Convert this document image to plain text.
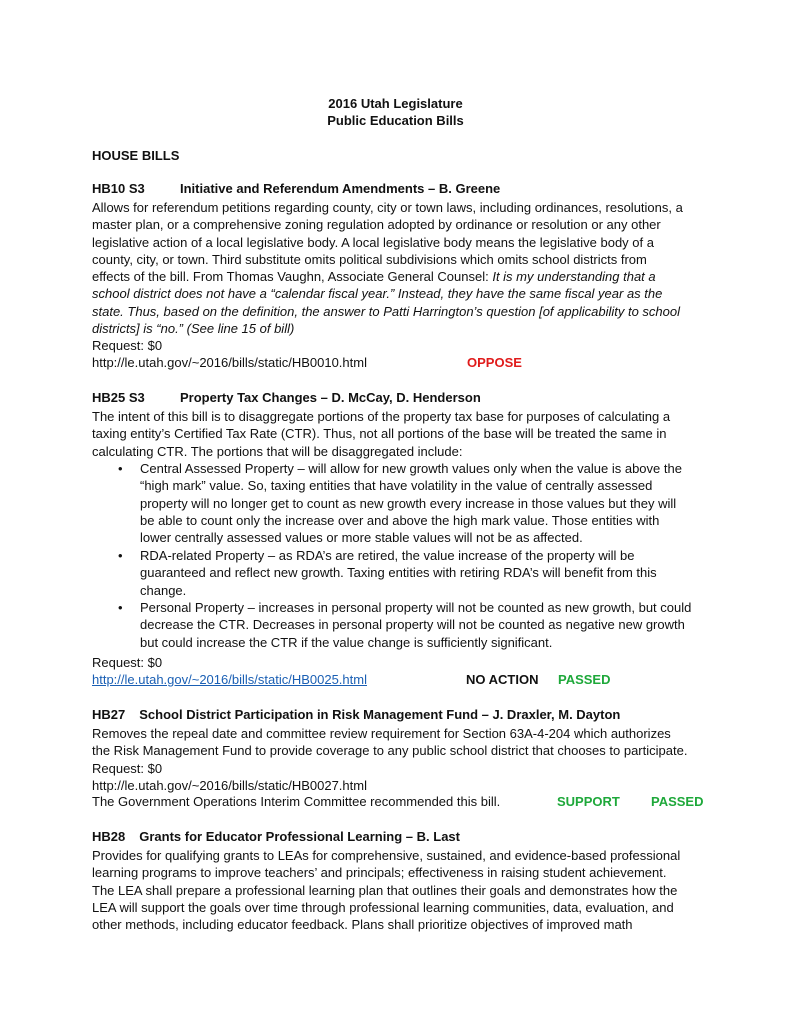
2016 Utah Legislature
Public Education Bills
HOUSE BILLS
HB10 S3	Initiative and Referendum Amendments – B. Greene

Allows for referendum petitions regarding county, city or town laws, including ordinances, resolutions, a

master plan, or a comprehensive zoning regulation adopted by ordinance or resolution or any other

legislative action of a local legislative body. A local legislative body means the legislative body of a

county, city, or town. Third substitute omits political subdivisions which omits school districts from

effects of the bill. From Thomas Vaughn, Associate General Counsel: It is my understanding that a

school district does not have a “calendar fiscal year.” Instead, they have the same fiscal year as the

state. Thus, based on the definition, the answer to Patti Harrington’s question [of applicability to school

districts] is “no.” (See line 15 of bill)

Request: $0

http://le.utah.gov/~2016/bills/static/HB0010.html	OPPOSE
HB25 S3	Property Tax Changes – D. McCay, D. Henderson

The intent of this bill is to disaggregate portions of the property tax base for purposes of calculating a

taxing entity’s Certified Tax Rate (CTR). Thus, not all portions of the base will be treated the same in

calculating CTR. The portions that will be disaggregated include:

• Central Assessed Property – will allow for new growth values only when the value is above the
“high mark” value. So, taxing entities that have volatility in the value of centrally assessed
property will no longer get to count as new growth every increase in those values but they will
be able to count only the increase over and above the high mark value. Those entities with
lower centrally assessed values or more stable values will not be as affected.
• RDA-related Property – as RDA’s are retired, the value increase of the property will be
guaranteed and reflect new growth. Taxing entities with retiring RDA’s will benefit from this
change.
• Personal Property – increases in personal property will not be counted as new growth, but could
decrease the CTR. Decreases in personal property will not be counted as negative new growth
but could increase the CTR if the value change is sufficiently significant.
Request: $0
http://le.utah.gov/~2016/bills/static/HB0025.html	NO ACTION PASSED
HB27 School District Participation in Risk Management Fund – J. Draxler, M. Dayton

Removes the repeal date and committee review requirement for Section 63A-4-204 which authorizes

the Risk Management Fund to provide coverage to any public school district that chooses to participate.

Request: $0

http://le.utah.gov/~2016/bills/static/HB0027.html

The Government Operations Interim Committee recommended this bill.	SUPPORT PASSED
HB28 Grants for Educator Professional Learning – B. Last

Provides for qualifying grants to LEAs for comprehensive, sustained, and evidence-based professional

learning programs to improve teachers’ and principals; effectiveness in raising student achievement.

The LEA shall prepare a professional learning plan that outlines their goals and demonstrates how the

LEA will support the goals over time through professional learning communities, data, evaluation, and

other methods, including educator feedback. Plans shall prioritize objectives of improved math
